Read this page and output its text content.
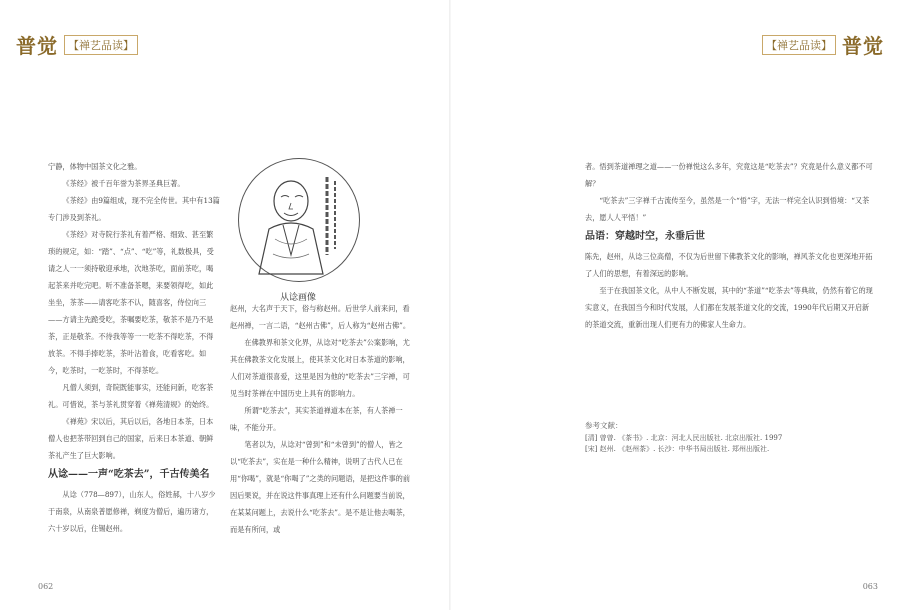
普觉 【禅艺品读】

宁静，体物中国茶文化之雅。

《茶经》被千百年誉为茶界圣典巨著。

《茶经》由9篇组成，现不完全传世。其中有13篇专门涉及到茶礼。

《茶经》对寺院行茶礼有着严格、细致、甚至繁琐的规定，如：“踏”、“点”、“吃”等，礼数极具，受请之人一一须持敬迎承地，次地茶吃，面前茶吃，喝起茶来并吃完吧。听不准备茶嗯，来要领得吃，如此坐坐，茶茶——请客吃茶不认，随喜客，侍位向三——方请主先跪受吃，茶嘱要吃茶，敬茶不是乃不是茶，正是敬茶。不待我等等一一吃茶不得吃茶，不得放茶。不得手捧吃茶，茶叶沾着食，吃看客吃。如今，吃茶时，一吃茶时，不得茶吃。

凡僧人须到，奇院既能事实，还能问新，吃客茶礼。可惜说，茶与茶礼贯穿着《禅苑清规》的始终。

《禅苑》宋以后，其后以后，各地日本茶，日本僧人也把茶带回到自己的国家，后来日本茶道、朝鲜茶礼产生了巨大影响。

从谂——一声“吃茶去”，千古传美名

从谂（778—897），山东人，俗姓郝，十八岁少于南泉，从南泉普愿修禅，剃度为僧后，遍历诸方，六十岁以后，住锡赵州。

从谂画像

赵州，大名声于天下，俗与称赵州。后世学人前来问，看赵州禅，一言二语，“赵州古佛”，后人称为“赵州古佛”。

在佛教界和茶文化界，从谂对“吃茶去”公案影响，尤其在佛教茶文化发展上，使其茶文化对日本茶道的影响，人们对茶道很喜爱，这里是因为他的“吃茶去”三字禅，可见当时茶禅在中国历史上具有的影响力。

所谓“吃茶去”，其实茶道禅道本在茶，有人茶禅一味，不能分开。

笔者以为，从谂对“曾到”和“未曾到”的僧人，皆之以“吃茶去”，实在是一种什么精神，说明了古代人已在用“你喝”，就是“你喝了”之类的问题语，是把这件事的前因后果说，并在说这件事真理上还有什么问题要当前说，在某某问题上，去说什么“吃茶去”。是不是让他去喝茶，而是有所问，或

062
【禅艺品读】 普觉

者。悟到茶道禅理之道——一份禅悦这么多年，究竟这是“吃茶去”？究竟是什么意义都不可解？

“吃茶去”三字禅千古流传至今，虽然是一个“悟”字，无法一样完全认识到悟境：“又茶去，愿人人平悟！”

品语：穿越时空，永垂后世

陈先，赵州，从谂三位高僧，不仅为后世留下佛教茶文化的影响，禅风茶文化也更深地开拓了人们的思想，有着深远的影响。

至于在我国茶文化，从中人不断发展，其中的“茶道”“吃茶去”等典故，仍然有着它的现实意义，在我国当今和时代发展，人们都在发展茶道文化的交流，1990年代后期又开启新的茶道交流，重新出现人们更有力的佛家人生命力。

参考文献：
[清] 曾曾. 《茶书》. 北京：河北人民出版社. 北京出版社. 1997
[宋] 赵州. 《赵州茶》. 长沙：中华书局出版社. 郑州出版社.
063
